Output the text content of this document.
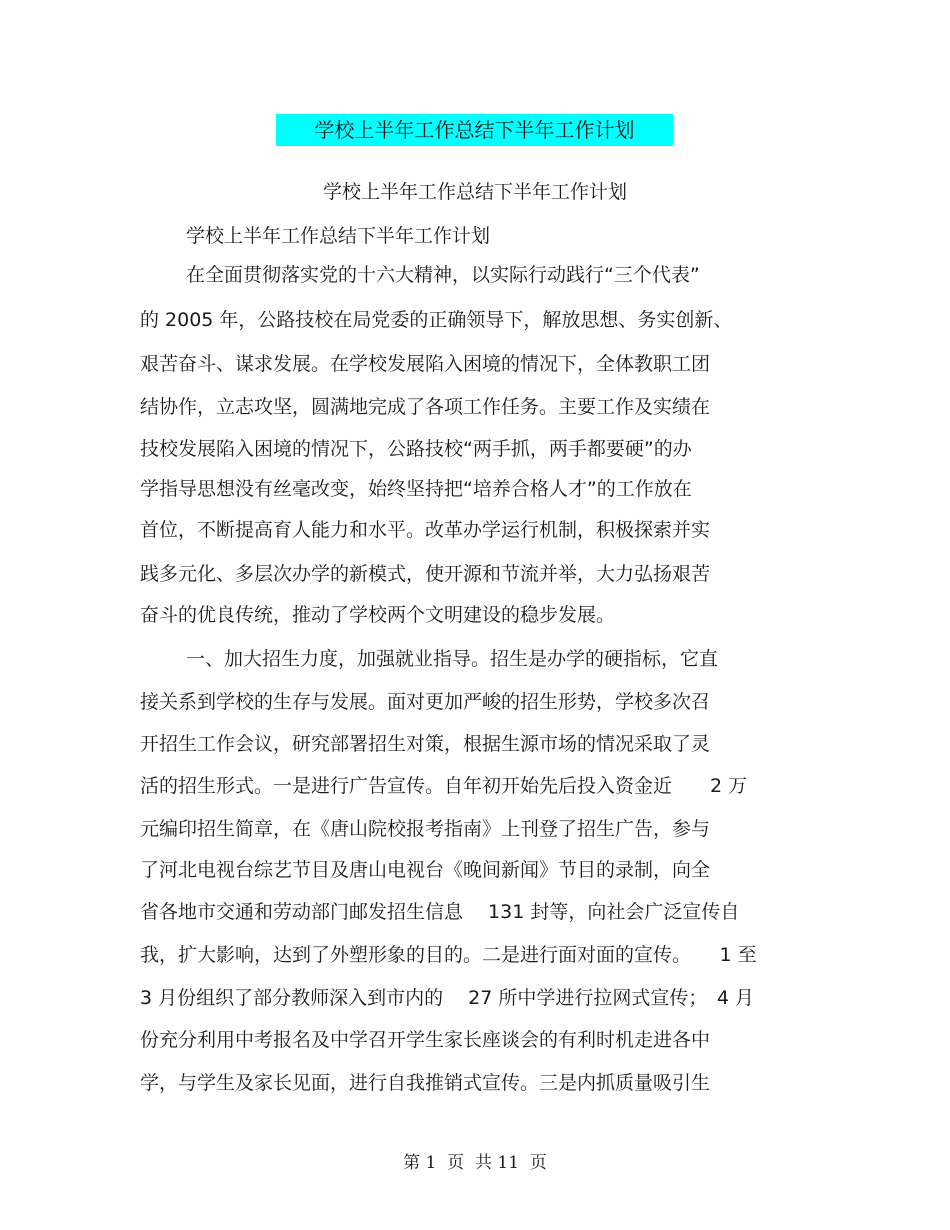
学校上半年工作总结下半年工作计划
学校上半年工作总结下半年工作计划
学校上半年工作总结下半年工作计划
在全面贯彻落实党的十六大精神，以实际行动践行“三个代表”
的 2005 年，公路技校在局党委的正确领导下，解放思想、务实创新、
艰苦奋斗、谋求发展。在学校发展陷入困境的情况下，全体教职工团
结协作，立志攻坚，圆满地完成了各项工作任务。主要工作及实绩在
技校发展陷入困境的情况下，公路技校“两手抓，两手都要硬”的办
学指导思想没有丝毫改变，始终坚持把“培养合格人才”的工作放在
首位，不断提高育人能力和水平。改革办学运行机制，积极探索并实
践多元化、多层次办学的新模式，使开源和节流并举，大力弘扬艰苦
奋斗的优良传统，推动了学校两个文明建设的稳步发展。
一、加大招生力度，加强就业指导。招生是办学的硬指标，它直
接关系到学校的生存与发展。面对更加严峻的招生形势，学校多次召
开招生工作会议，研究部署招生对策，根据生源市场的情况采取了灵
活的招生形式。一是进行广告宣传。自年初开始先后投入资金近　　2 万
元编印招生简章，在《唐山院校报考指南》上刊登了招生广告，参与
了河北电视台综艺节目及唐山电视台《晚间新闻》节目的录制，向全
省各地市交通和劳动部门邮发招生信息　 131 封等，向社会广泛宣传自
我，扩大影响，达到了外塑形象的目的。二是进行面对面的宣传。　　1 至
3 月份组织了部分教师深入到市内的　 27 所中学进行拉网式宣传；　4 月
份充分利用中考报名及中学召开学生家长座谈会的有利时机走进各中
学，与学生及家长见面，进行自我推销式宣传。三是内抓质量吸引生
第 1  页  共 11  页
